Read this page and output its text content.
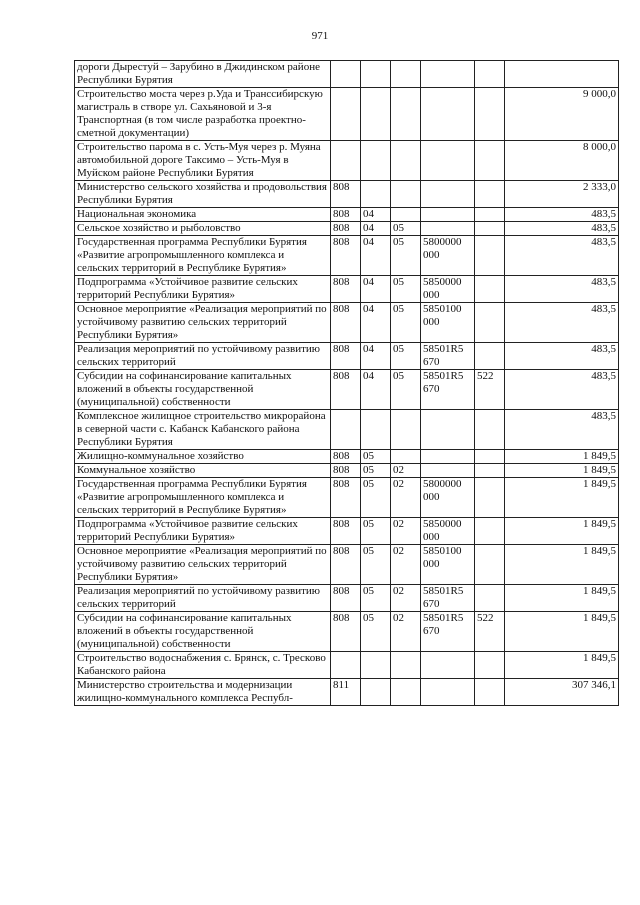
971
дороги Дырестуй – Зарубино в Джидинском районе Республики Бурятия						
Строительство моста через р.Уда и Транссибирскую магистраль в створе ул. Сахьяновой и 3-я Транспортная (в том числе разработка проектно-сметной документации)						9 000,0
Строительство парома в с. Усть-Муя через р. Муяна автомобильной дороге Таксимо – Усть-Муя в Муйском районе Республики Бурятия						8 000,0
Министерство сельского хозяйства и продовольствия Республики Бурятия	808					2 333,0
Национальная экономика	808	04				483,5
Сельское хозяйство и рыболовство	808	04	05			483,5
Государственная программа Республики Бурятия «Развитие агропромышленного комплекса и сельских территорий в Республике Бурятия»	808	04	05	5800000 000		483,5
Подпрограмма «Устойчивое развитие сельских территорий Республики Бурятия»	808	04	05	5850000 000		483,5
Основное мероприятие «Реализация мероприятий по устойчивому развитию сельских территорий Республики Бурятия»	808	04	05	5850100 000		483,5
Реализация мероприятий по устойчивому развитию сельских территорий	808	04	05	58501R5 670		483,5
Субсидии на софинансирование капитальных вложений в объекты государственной (муниципальной) собственности	808	04	05	58501R5 670	522	483,5
Комплексное жилищное строительство микрорайона в северной части с. Кабанск Кабанского района Республики Бурятия						483,5
Жилищно-коммунальное хозяйство	808	05				1 849,5
Коммунальное хозяйство	808	05	02			1 849,5
Государственная программа Республики Бурятия «Развитие агропромышленного комплекса и сельских территорий в Республике Бурятия»	808	05	02	5800000 000		1 849,5
Подпрограмма «Устойчивое развитие сельских территорий Республики Бурятия»	808	05	02	5850000 000		1 849,5
Основное мероприятие «Реализация мероприятий по устойчивому развитию сельских территорий Республики Бурятия»	808	05	02	5850100 000		1 849,5
Реализация мероприятий по устойчивому развитию сельских территорий	808	05	02	58501R5 670		1 849,5
Субсидии на софинансирование капитальных вложений в объекты государственной (муниципальной) собственности	808	05	02	58501R5 670	522	1 849,5
Строительство водоснабжения с. Брянск, с. Тресково Кабанского района						1 849,5
Министерство строительства и модернизации жилищно-коммунального комплекса Республ-	811					307 346,1
